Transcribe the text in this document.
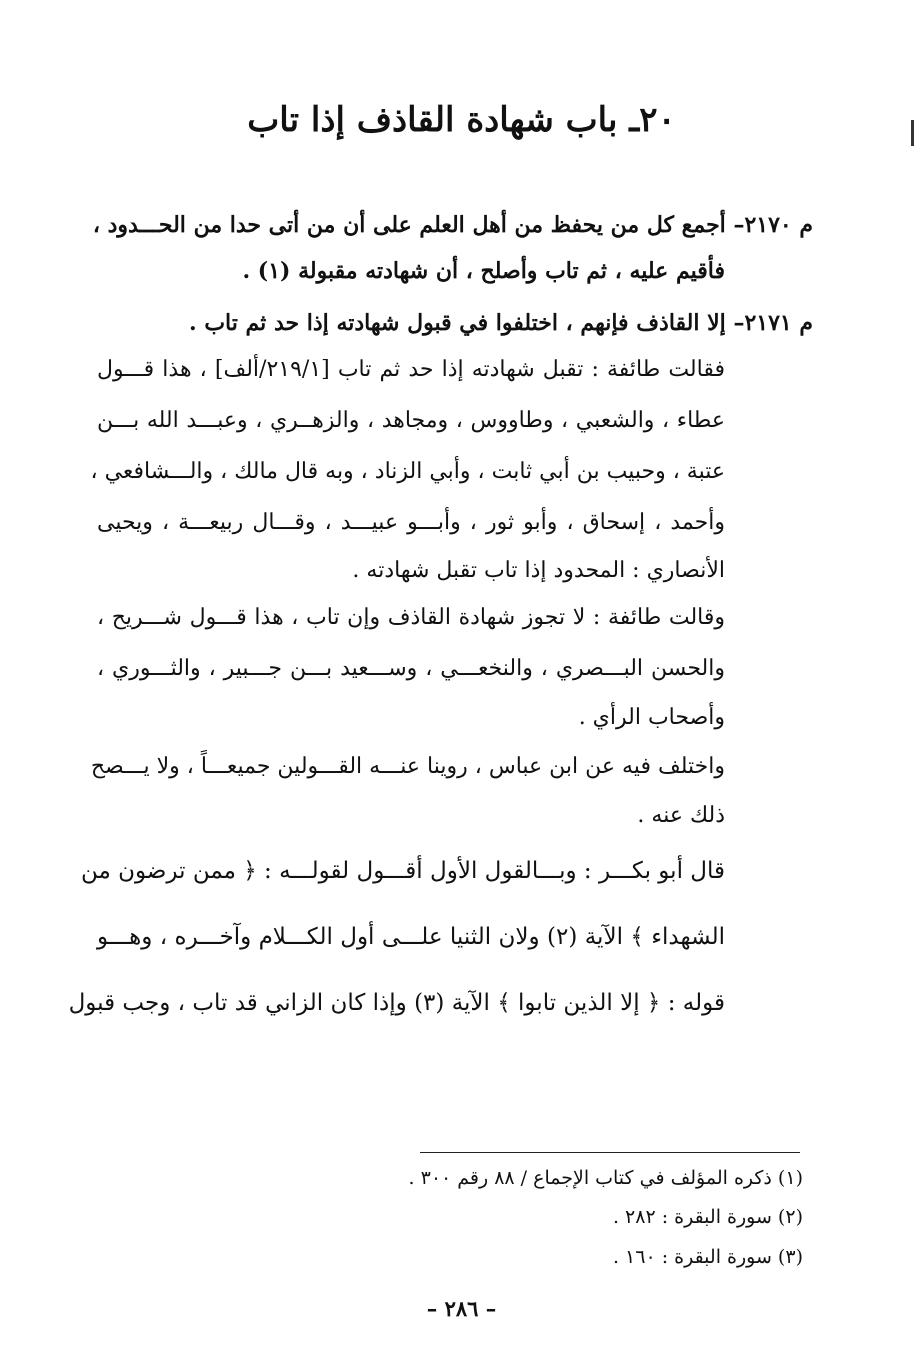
٢٠ـ باب شهادة القاذف إذا تاب
م ٢١٧٠– أجمع كل من يحفظ من أهل العلم على أن من أتى حدا من الحـــدود ،
فأقيم عليه ، ثم تاب وأصلح ، أن شهادته مقبولة (١) .
م ٢١٧١– إلا القاذف فإنهم ، اختلفوا في قبول شهادته إذا حد ثم تاب .
فقالت طائفة : تقبل شهادته إذا حد ثم تاب [٢١٩/١/ألف] ، هذا قـــول
عطاء ، والشعبي ، وطاووس ، ومجاهد ، والزهــري ، وعبـــد الله بـــن
عتبة ، وحبيب بن أبي ثابت ، وأبي الزناد ، وبه قال مالك ، والـــشافعي ،
وأحمد ، إسحاق ، وأبو ثور ، وأبـــو عبيـــد ، وقـــال ربيعـــة ، ويحيى
الأنصاري : المحدود إذا تاب تقبل شهادته .
وقالت طائفة : لا تجوز شهادة القاذف وإن تاب ، هذا قـــول شـــريح ،
والحسن البـــصري ، والنخعـــي ، وســـعيد بـــن جـــبير ، والثـــوري ،
وأصحاب الرأي .
واختلف فيه عن ابن عباس ، روينا عنـــه القـــولين جميعـــاً ، ولا يـــصح
ذلك عنه .
قال أبو بكـــر : وبـــالقول الأول أقـــول لقولـــه : ﴿ ممن ترضون من
الشهداء ﴾ الآية (٢) ولان الثنيا علـــى أول الكـــلام وآخـــره ، وهـــو
قوله : ﴿ إلا الذين تابوا ﴾ الآية (٣) وإذا كان الزاني قد تاب ، وجب قبول
(١) ذكره المؤلف في كتاب الإجماع / ٨٨ رقم ٣٠٠ .
(٢) سورة البقرة : ٢٨٢ .
(٣) سورة البقرة : ١٦٠ .
– ٢٨٦ –
